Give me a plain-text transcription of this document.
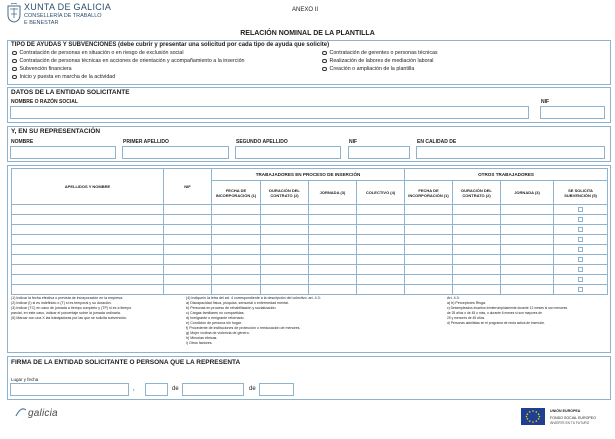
XUNTA DE GALICIA
CONSELLERÍA DE TRABALLO
E BENESTAR
ANEXO II
RELACIÓN NOMINAL DE LA PLANTILLA
TIPO DE AYUDAS Y SUBVENCIONES (debe cubrir y presentar una solicitud por cada tipo de ayuda que solicite)
Contratación de personas en situación o en riesgo de exclusión social
Contratación de personas técnicas en acciones de orientación y acompañamiento a la inserción
Subvención financiera
Inicio y puesta en marcha de la actividad
Contratación de gerentes o personas técnicas
Realización de labores de mediación laboral
Creación o ampliación de la plantilla
DATOS DE LA ENTIDAD SOLICITANTE
NOMBRE O RAZÓN SOCIAL	NIF
Y, EN SU REPRESENTACIÓN
NOMBRE	PRIMER APELLIDO	SEGUNDO APELLIDO	NIF	EN CALIDAD DE
APELLIDOS Y NOMBRE	NIF	TRABAJADORES EN PROCESO DE INSERCIÓN				OTROS TRABAJADORES			
		FECHA DE INCORPORACIÓN (1)	DURACIÓN DEL CONTRATO (2)	JORNADA (3)	COLECTIVO (4)	FECHA DE INCORPORACIÓN (1)	DURACIÓN DEL CONTRATO (2)	JORNADA (3)	SE SOLICITA SUBVENCIÓN (5)

(1) Indicar la fecha efectiva o prevista de incorporación en la empresa.
(2) Indicar (I) si es indefinido o (T) si es temporal y su duración.
(3) Indicar (TC) en caso de jornada a tiempo completo y (TP) si es a tiempo
parcial, en este caso, indicar el porcentaje sobre la jornada ordinaria.
(5) Marcar con una X las trabajadoras por las que se solicita subvención.
(4) Indique/n la letra del art. 4 correspondiente a la descripción del colectivo: art. 4.3:
a) Discapacidad física, psíquica, sensorial o enfermedad mental.
b) Personas en proceso de rehabilitación y socialización.
c) Cargas familiares no compartidas.
d) Inmigrante o emigrante retornado.
e) Condición de persona sin hogar.
f) Procedente de instituciones de protección o reeducación de menores.
g) Mujer víctima de violencia de género.
h) Minorías étnicas.
i) Otros factores.
Art. 4.3:
a) b) Perceptores Risga.
c) Desempleados inscritos ininterrumpidamente durante 12 meses si son menores
de 25 años o de 45 o más, o durante 6 meses si son mayores de
25 y menores de 45 años.
d) Personas admitidas en el programa de renta activa de inserción.
FIRMA DE LA ENTIDAD SOLICITANTE O PERSONA QUE LA REPRESENTA
Lugar y fecha
,	de	de
galicia	UNIÓN EUROPEA
FONDO SOCIAL EUROPEO
INVIERTE EN TU FUTURO
